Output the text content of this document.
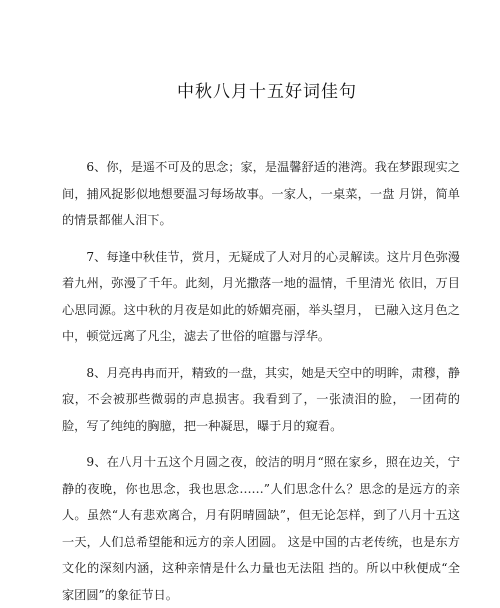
中秋八月十五好词佳句

6、你，是遥不可及的思念；家，是温馨舒适的港湾。我在梦跟现实之间，捕风捉影似地想要温习每场故事。一家人，一桌菜，一盘 月饼，简单的情景都催人泪下。

7、每逢中秋佳节，赏月，无疑成了人对月的心灵解读。这片月色弥漫着九州，弥漫了千年。此刻，月光撒落一地的温情，千里清光 依旧，万目心思同源。这中秋的月夜是如此的娇媚亮丽，举头望月， 已融入这月色之中，顿觉远离了凡尘，滤去了世俗的喧嚣与浮华。

8、月亮冉冉而开，精致的一盘，其实，她是天空中的明眸，肃穆，静寂，不会被那些微弱的声息损害。我看到了，一张渍泪的脸， 一团荷的脸，写了纯纯的胸臆，把一种凝思，曝于月的窥看。

9、在八月十五这个月圆之夜，皎洁的明月“照在家乡，照在边关，宁静的夜晚，你也思念，我也思念……”人们思念什么？思念的是远方的亲人。虽然“人有悲欢离合，月有阴晴圆缺”，但无论怎样，到了八月十五这一天，人们总希望能和远方的亲人团圆。 这是中国的古老传统，也是东方文化的深刻内涵，这种亲情是什么力量也无法阻 挡的。所以中秋便成“全家团圆”的象征节日。
